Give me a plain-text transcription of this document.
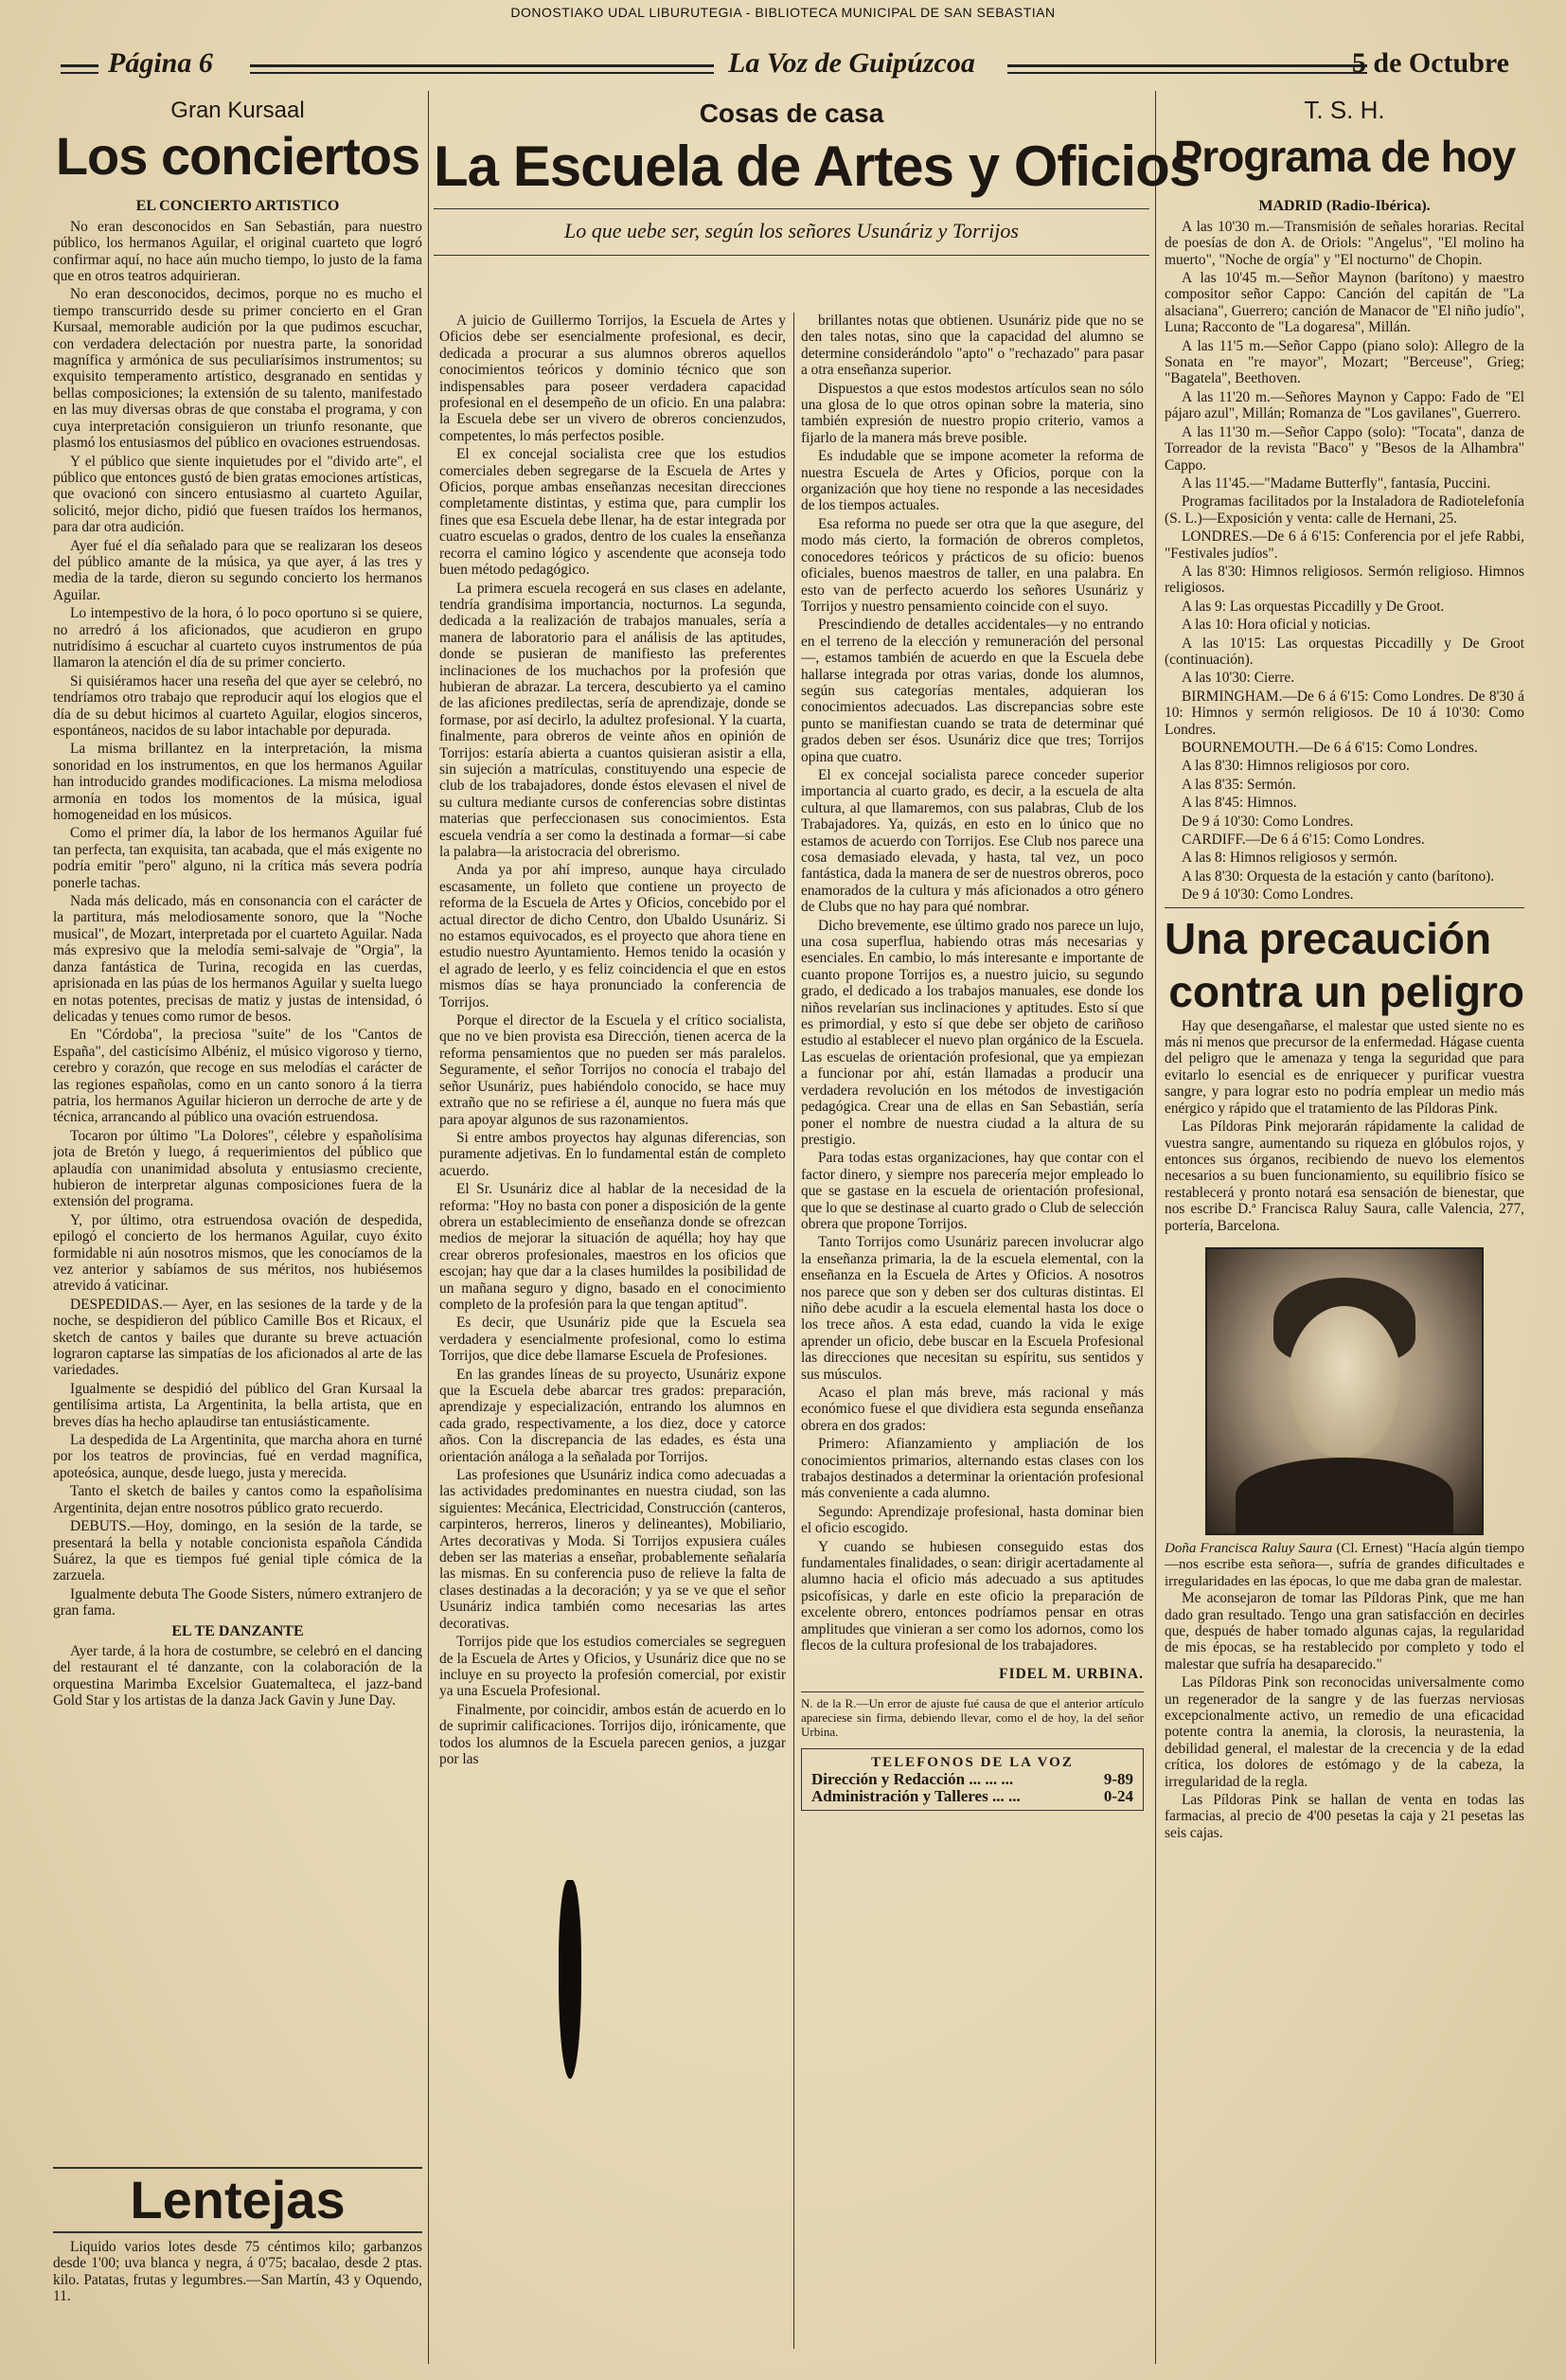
DONOSTIAKO UDAL LIBURUTEGIA - BIBLIOTECA MUNICIPAL DE SAN SEBASTIAN
Página 6	La Voz de Guipúzcoa	5 de Octubre
Gran Kursaal
Los conciertos
EL CONCIERTO ARTISTICO

No eran desconocidos en San Sebastián, para nuestro público, los hermanos Aguilar, el original cuarteto que logró confirmar aquí, no hace aún mucho tiempo, lo justo de la fama que en otros teatros adquirieran.

No eran desconocidos, decimos, porque no es mucho el tiempo transcurrido desde su primer concierto en el Gran Kursaal, memorable audición por la que pudimos escuchar, con verdadera delectación por nuestra parte, la sonoridad magnífica y armónica de sus peculiarísimos instrumentos; su exquisito temperamento artístico, desgranado en sentidas y bellas composiciones; la extensión de su talento, manifestado en las muy diversas obras de que constaba el programa, y con cuya interpretación consiguieron un triunfo resonante, que plasmó los entusiasmos del público en ovaciones estruendosas.

Y el público que siente inquietudes por el "divido arte", el público que entonces gustó de bien gratas emociones artísticas, que ovacionó con sincero entusiasmo al cuarteto Aguilar, solicitó, mejor dicho, pidió que fuesen traídos los hermanos, para dar otra audición.

Ayer fué el día señalado para que se realizaran los deseos del público amante de la música, ya que ayer, á las tres y media de la tarde, dieron su segundo concierto los hermanos Aguilar.

Lo intempestivo de la hora, ó lo poco oportuno si se quiere, no arredró á los aficionados, que acudieron en grupo nutridísimo á escuchar al cuarteto cuyos instrumentos de púa llamaron la atención el día de su primer concierto.

Si quisiéramos hacer una reseña del que ayer se celebró, no tendríamos otro trabajo que reproducir aquí los elogios que el día de su debut hicimos al cuarteto Aguilar, elogios sinceros, espontáneos, nacidos de su labor intachable por depurada.

La misma brillantez en la interpretación, la misma sonoridad en los instrumentos, en que los hermanos Aguilar han introducido grandes modificaciones. La misma melodiosa armonía en todos los momentos de la música, igual homogeneidad en los músicos.

Como el primer día, la labor de los hermanos Aguilar fué tan perfecta, tan exquisita, tan acabada, que el más exigente no podría emitir "pero" alguno, ni la crítica más severa podría ponerle tachas.

Nada más delicado, más en consonancia con el carácter de la partitura, más melodiosamente sonoro, que la "Noche musical", de Mozart, interpretada por el cuarteto Aguilar. Nada más expresivo que la melodía semi-salvaje de "Orgia", la danza fantástica de Turina, recogida en las cuerdas, aprisionada en las púas de los hermanos Aguilar y suelta luego en notas potentes, precisas de matiz y justas de intensidad, ó delicadas y tenues como rumor de besos.

En "Córdoba", la preciosa "suite" de los "Cantos de España", del casticísimo Albéniz, el músico vigoroso y tierno, cerebro y corazón, que recoge en sus melodías el carácter de las regiones españolas, como en un canto sonoro á la tierra patria, los hermanos Aguilar hicieron un derroche de arte y de técnica, arrancando al público una ovación estruendosa.

Tocaron por último "La Dolores", célebre y españolísima jota de Bretón y luego, á requerimientos del público que aplaudía con unanimidad absoluta y entusiasmo creciente, hubieron de interpretar algunas composiciones fuera de la extensión del programa.

Y, por último, otra estruendosa ovación de despedida, epilogó el concierto de los hermanos Aguilar, cuyo éxito formidable ni aún nosotros mismos, que les conocíamos de la vez anterior y sabíamos de sus méritos, nos hubiésemos atrevido á vaticinar.

DESPEDIDAS.— Ayer, en las sesiones de la tarde y de la noche, se despidieron del público Camille Bos et Ricaux, el sketch de cantos y bailes que durante su breve actuación lograron captarse las simpatías de los aficionados al arte de las variedades.

Igualmente se despidió del público del Gran Kursaal la gentilísima artista, La Argentinita, la bella artista, que en breves días ha hecho aplaudirse tan entusiásticamente.

La despedida de La Argentinita, que marcha ahora en turné por los teatros de provincias, fué en verdad magnífica, apoteósica, aunque, desde luego, justa y merecida.

Tanto el sketch de bailes y cantos como la españolísima Argentinita, dejan entre nosotros público grato recuerdo.

DEBUTS.—Hoy, domingo, en la sesión de la tarde, se presentará la bella y notable concionista española Cándida Suárez, la que es tiempos fué genial tiple cómica de la zarzuela.

Igualmente debuta The Goode Sisters, número extranjero de gran fama.

EL TE DANZANTE

Ayer tarde, á la hora de costumbre, se celebró en el dancing del restaurant el té danzante, con la colaboración de la orquestina Marimba Excelsior Guatemalteca, el jazz-band Gold Star y los artistas de la danza Jack Gavin y June Day.

Lentejas

Liquido varios lotes desde 75 céntimos kilo; garbanzos desde 1'00; uva blanca y negra, á 0'75; bacalao, desde 2 ptas. kilo. Patatas, frutas y legumbres.—San Martín, 43 y Oquendo, 11.

Cosas de casa
La Escuela de Artes y Oficios
Lo que uebe ser, según los señores Usunáriz y Torrijos

A juicio de Guillermo Torrijos, la Escuela de Artes y Oficios debe ser esencialmente profesional, es decir, dedicada a procurar a sus alumnos obreros aquellos conocimientos teóricos y dominio técnico que son indispensables para poseer verdadera capacidad profesional en el desempeño de un oficio. En una palabra: la Escuela debe ser un vivero de obreros concienzudos, competentes, lo más perfectos posible.

El ex concejal socialista cree que los estudios comerciales deben segregarse de la Escuela de Artes y Oficios, porque ambas enseñanzas necesitan direcciones completamente distintas, y estima que, para cumplir los fines que esa Escuela debe llenar, ha de estar integrada por cuatro escuelas o grados, dentro de los cuales la enseñanza recorra el camino lógico y ascendente que aconseja todo buen método pedagógico.

La primera escuela recogerá en sus clases en adelante, tendría grandísima importancia, nocturnos. La segunda, dedicada a la realización de trabajos manuales, sería a manera de laboratorio para el análisis de las aptitudes, donde se pusieran de manifiesto las preferentes inclinaciones de los muchachos por la profesión que hubieran de abrazar. La tercera, descubierto ya el camino de las aficiones predilectas, sería de aprendizaje, donde se formase, por así decirlo, la adultez profesional. Y la cuarta, finalmente, para obreros de veinte años en opinión de Torrijos: estaría abierta a cuantos quisieran asistir a ella, sin sujeción a matrículas, constituyendo una especie de club de los trabajadores, donde éstos elevasen el nivel de su cultura mediante cursos de conferencias sobre distintas materias que perfeccionasen sus conocimientos. Esta escuela vendría a ser como la destinada a formar—si cabe la palabra—la aristocracia del obrerismo.

Anda ya por ahí impreso, aunque haya circulado escasamente, un folleto que contiene un proyecto de reforma de la Escuela de Artes y Oficios, concebido por el actual director de dicho Centro, don Ubaldo Usunáriz. Si no estamos equivocados, es el proyecto que ahora tiene en estudio nuestro Ayuntamiento. Hemos tenido la ocasión y el agrado de leerlo, y es feliz coincidencia el que en estos mismos días se haya pronunciado la conferencia de Torrijos.

Porque el director de la Escuela y el crítico socialista, que no ve bien provista esa Dirección, tienen acerca de la reforma pensamientos que no pueden ser más paralelos. Seguramente, el señor Torrijos no conocía el trabajo del señor Usunáriz, pues habiéndolo conocido, se hace muy extraño que no se refiriese a él, aunque no fuera más que para apoyar algunos de sus razonamientos.

Si entre ambos proyectos hay algunas diferencias, son puramente adjetivas. En lo fundamental están de completo acuerdo.

El Sr. Usunáriz dice al hablar de la necesidad de la reforma: "Hoy no basta con poner a disposición de la gente obrera un establecimiento de enseñanza donde se ofrezcan medios de mejorar la situación de aquélla; hoy hay que crear obreros profesionales, maestros en los oficios que escojan; hay que dar a la clases humildes la posibilidad de un mañana seguro y digno, basado en el conocimiento completo de la profesión para la que tengan aptitud".

Es decir, que Usunáriz pide que la Escuela sea verdadera y esencialmente profesional, como lo estima Torrijos, que dice debe llamarse Escuela de Profesiones.

En las grandes líneas de su proyecto, Usunáriz expone que la Escuela debe abarcar tres grados: preparación, aprendizaje y especialización, entrando los alumnos en cada grado, respectivamente, a los diez, doce y catorce años. Con la discrepancia de las edades, es ésta una orientación análoga a la señalada por Torrijos.

Las profesiones que Usunáriz indica como adecuadas a las actividades predominantes en nuestra ciudad, son las siguientes: Mecánica, Electricidad, Construcción (canteros, carpinteros, herreros, lineros y delineantes), Mobiliario, Artes decorativas y Moda. Si Torrijos expusiera cuáles deben ser las materias a enseñar, probablemente señalaría las mismas. En su conferencia puso de relieve la falta de clases destinadas a la decoración; y ya se ve que el señor Usunáriz indica también como necesarias las artes decorativas.

Torrijos pide que los estudios comerciales se segreguen de la Escuela de Artes y Oficios, y Usunáriz dice que no se incluye en su proyecto la profesión comercial, por existir ya una Escuela Profesional.

Finalmente, por coincidir, ambos están de acuerdo en lo de suprimir calificaciones. Torrijos dijo, irónicamente, que todos los alumnos de la Escuela parecen genios, a juzgar por las

brillantes notas que obtienen. Usunáriz pide que no se den tales notas, sino que la capacidad del alumno se determine considerándolo "apto" o "rechazado" para pasar a otra enseñanza superior.

Dispuestos a que estos modestos artículos sean no sólo una glosa de lo que otros opinan sobre la materia, sino también expresión de nuestro propio criterio, vamos a fijarlo de la manera más breve posible.

Es indudable que se impone acometer la reforma de nuestra Escuela de Artes y Oficios, porque con la organización que hoy tiene no responde a las necesidades de los tiempos actuales.

Esa reforma no puede ser otra que la que asegure, del modo más cierto, la formación de obreros completos, conocedores teóricos y prácticos de su oficio: buenos oficiales, buenos maestros de taller, en una palabra. En esto van de perfecto acuerdo los señores Usunáriz y Torrijos y nuestro pensamiento coincide con el suyo.

Prescindiendo de detalles accidentales—y no entrando en el terreno de la elección y remuneración del personal—, estamos también de acuerdo en que la Escuela debe hallarse integrada por otras varias, donde los alumnos, según sus categorías mentales, adquieran los conocimientos adecuados. Las discrepancias sobre este punto se manifiestan cuando se trata de determinar qué grados deben ser ésos. Usunáriz dice que tres; Torrijos opina que cuatro.

El ex concejal socialista parece conceder superior importancia al cuarto grado, es decir, a la escuela de alta cultura, al que llamaremos, con sus palabras, Club de los Trabajadores. Ya, quizás, en esto en lo único que no estamos de acuerdo con Torrijos. Ese Club nos parece una cosa demasiado elevada, y hasta, tal vez, un poco fantástica, dada la manera de ser de nuestros obreros, poco enamorados de la cultura y más aficionados a otro género de Clubs que no hay para qué nombrar.

Dicho brevemente, ese último grado nos parece un lujo, una cosa superflua, habiendo otras más necesarias y esenciales. En cambio, lo más interesante e importante de cuanto propone Torrijos es, a nuestro juicio, su segundo grado, el dedicado a los trabajos manuales, ese donde los niños revelarían sus inclinaciones y aptitudes. Esto sí que es primordial, y esto sí que debe ser objeto de cariñoso estudio al establecer el nuevo plan orgánico de la Escuela. Las escuelas de orientación profesional, que ya empiezan a funcionar por ahí, están llamadas a producir una verdadera revolución en los métodos de investigación pedagógica. Crear una de ellas en San Sebastián, sería poner el nombre de nuestra ciudad a la altura de su prestigio.

Para todas estas organizaciones, hay que contar con el factor dinero, y siempre nos parecería mejor empleado lo que se gastase en la escuela de orientación profesional, que lo que se destinase al cuarto grado o Club de selección obrera que propone Torrijos.

Tanto Torrijos como Usunáriz parecen involucrar algo la enseñanza primaria, la de la escuela elemental, con la enseñanza en la Escuela de Artes y Oficios. A nosotros nos parece que son y deben ser dos culturas distintas. El niño debe acudir a la escuela elemental hasta los doce o los trece años. A esta edad, cuando la vida le exige aprender un oficio, debe buscar en la Escuela Profesional las direcciones que necesitan su espíritu, sus sentidos y sus músculos.

Acaso el plan más breve, más racional y más económico fuese el que dividiera esta segunda enseñanza obrera en dos grados:

Primero: Afianzamiento y ampliación de los conocimientos primarios, alternando estas clases con los trabajos destinados a determinar la orientación profesional más conveniente a cada alumno.

Segundo: Aprendizaje profesional, hasta dominar bien el oficio escogido.

Y cuando se hubiesen conseguido estas dos fundamentales finalidades, o sean: dirigir acertadamente al alumno hacia el oficio más adecuado a sus aptitudes psicofísicas, y darle en este oficio la preparación de excelente obrero, entonces podríamos pensar en otras amplitudes que vinieran a ser como los adornos, como los flecos de la cultura profesional de los trabajadores.

FIDEL M. URBINA.
N. de la R.—Un error de ajuste fué causa de que el anterior artículo apareciese sin firma, debiendo llevar, como el de hoy, la del señor Urbina.
TELEFONOS DE LA VOZ
Dirección y Redacción ... ... ...	9-89
Administración y Talleres ... ...	0-24
T. S. H.
Programa de hoy
MADRID (Radio-Ibérica).

A las 10'30 m.—Transmisión de señales horarias. Recital de poesías de don A. de Oriols: "Angelus", "El molino ha muerto", "Noche de orgía" y "El nocturno" de Chopin.

A las 10'45 m.—Señor Maynon (barítono) y maestro compositor señor Cappo: Canción del capitán de "La alsaciana", Guerrero; canción de Manacor de "El niño judío", Luna; Racconto de "La dogaresa", Millán.

A las 11'5 m.—Señor Cappo (piano solo): Allegro de la Sonata en "re mayor", Mozart; "Berceuse", Grieg; "Bagatela", Beethoven.

A las 11'20 m.—Señores Maynon y Cappo: Fado de "El pájaro azul", Millán; Romanza de "Los gavilanes", Guerrero.

A las 11'30 m.—Señor Cappo (solo): "Tocata", danza de Torreador de la revista "Baco" y "Besos de la Alhambra" Cappo.

A las 11'45.—"Madame Butterfly", fantasía, Puccini.

Programas facilitados por la Instaladora de Radiotelefonía (S. L.)—Exposición y venta: calle de Hernani, 25.

LONDRES.—De 6 á 6'15: Conferencia por el jefe Rabbi, "Festivales judíos".

A las 8'30: Himnos religiosos. Sermón religioso. Himnos religiosos.

A las 9: Las orquestas Piccadilly y De Groot.

A las 10: Hora oficial y noticias.

A las 10'15: Las orquestas Piccadilly y De Groot (continuación).

A las 10'30: Cierre.

BIRMINGHAM.—De 6 á 6'15: Como Londres. De 8'30 á 10: Himnos y sermón religiosos. De 10 á 10'30: Como Londres.

BOURNEMOUTH.—De 6 á 6'15: Como Londres.

A las 8'30: Himnos religiosos por coro.

A las 8'35: Sermón.

A las 8'45: Himnos.

De 9 á 10'30: Como Londres.

CARDIFF.—De 6 á 6'15: Como Londres.

A las 8: Himnos religiosos y sermón.

A las 8'30: Orquesta de la estación y canto (barítono).

De 9 á 10'30: Como Londres.

Una precaución
contra un peligro

Hay que desengañarse, el malestar que usted siente no es más ni menos que precursor de la enfermedad. Hágase cuenta del peligro que le amenaza y tenga la seguridad que para evitarlo lo esencial es de enriquecer y purificar vuestra sangre, y para lograr esto no podría emplear un medio más enérgico y rápido que el tratamiento de las Píldoras Pink.

Las Píldoras Pink mejorarán rápidamente la calidad de vuestra sangre, aumentando su riqueza en glóbulos rojos, y entonces sus órganos, recibiendo de nuevo los elementos necesarios a su buen funcionamiento, su equilibrio físico se restablecerá y pronto notará esa sensación de bienestar, que nos escribe D.ª Francisca Raluy Saura, calle Valencia, 277, portería, Barcelona.

Doña Francisca Raluy Saura (Cl. Ernest) "Hacía algún tiempo—nos escribe esta señora—, sufría de grandes dificultades e irregularidades en las épocas, lo que me daba gran de malestar.

Me aconsejaron de tomar las Píldoras Pink, que me han dado gran resultado. Tengo una gran satisfacción en decirles que, después de haber tomado algunas cajas, la regularidad de mis épocas, se ha restablecido por completo y todo el malestar que sufría ha desaparecido."

Las Píldoras Pink son reconocidas universalmente como un regenerador de la sangre y de las fuerzas nerviosas excepcionalmente activo, un remedio de una eficacidad potente contra la anemia, la clorosis, la neurastenia, la debilidad general, el malestar de la crecencia y de la edad crítica, los dolores de estómago y de la cabeza, la irregularidad de la regla.

Las Píldoras Pink se hallan de venta en todas las farmacias, al precio de 4'00 pesetas la caja y 21 pesetas las seis cajas.
